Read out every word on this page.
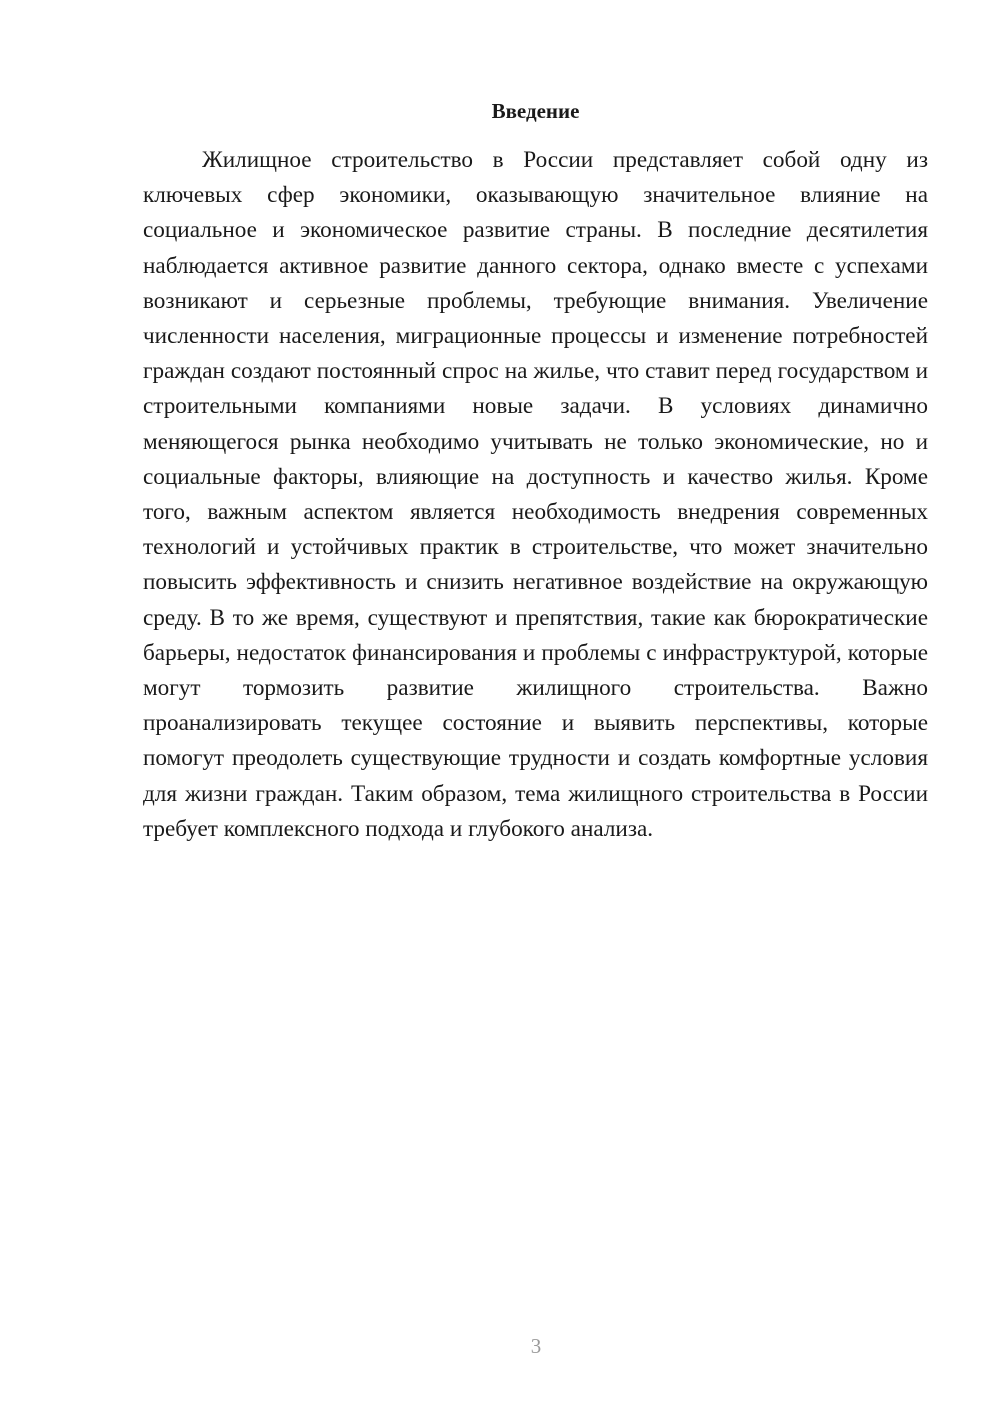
Введение

Жилищное строительство в России представляет собой одну из ключевых сфер экономики, оказывающую значительное влияние на социальное и экономическое развитие страны. В последние десятилетия наблюдается активное развитие данного сектора, однако вместе с успехами возникают и серьезные проблемы, требующие внимания. Увеличение численности населения, миграционные процессы и изменение потребностей граждан создают постоянный спрос на жилье, что ставит перед государством и строительными компаниями новые задачи. В условиях динамично меняющегося рынка необходимо учитывать не только экономические, но и социальные факторы, влияющие на доступность и качество жилья. Кроме того, важным аспектом является необходимость внедрения современных технологий и устойчивых практик в строительстве, что может значительно повысить эффективность и снизить негативное воздействие на окружающую среду. В то же время, существуют и препятствия, такие как бюрократические барьеры, недостаток финансирования и проблемы с инфраструктурой, которые могут тормозить развитие жилищного строительства. Важно проанализировать текущее состояние и выявить перспективы, которые помогут преодолеть существующие трудности и создать комфортные условия для жизни граждан. Таким образом, тема жилищного строительства в России требует комплексного подхода и глубокого анализа.

3
